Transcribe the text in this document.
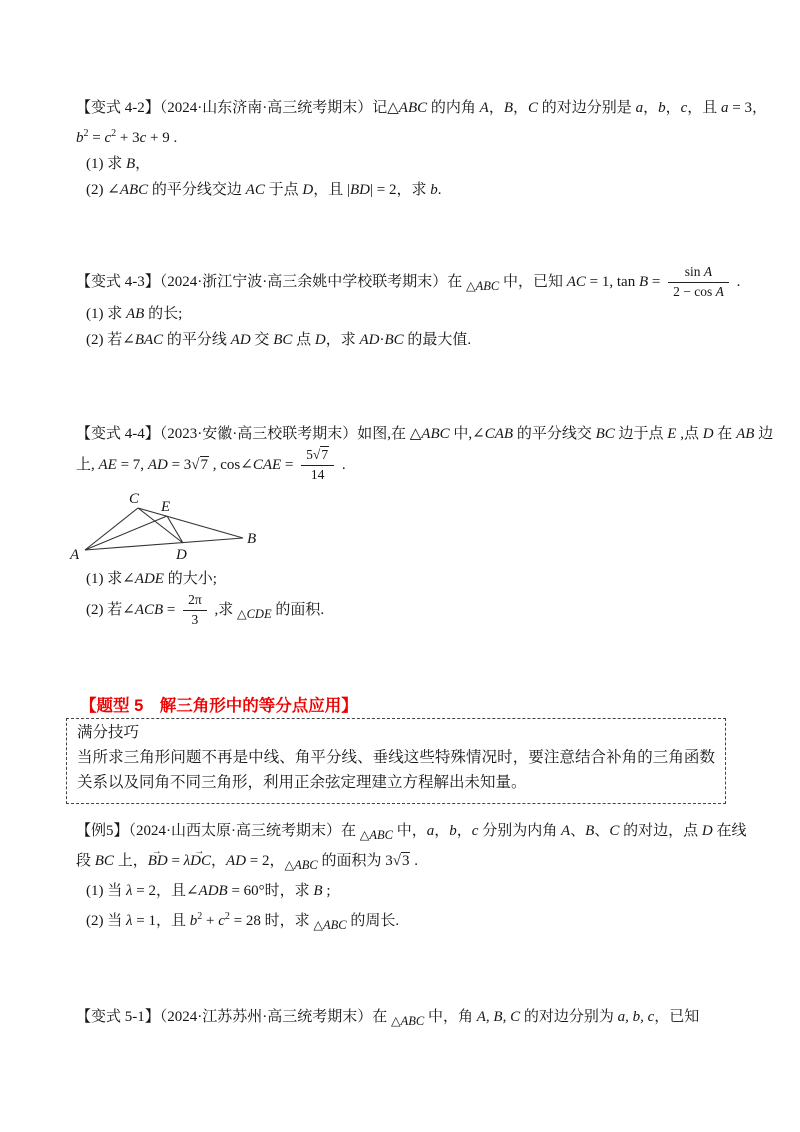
【变式 4-2】（2024·山东济南·高三统考期末）记△ABC 的内角 A，B，C 的对边分别是 a，b，c，且 a = 3，
$b^2 = c^2 + 3c + 9$ .
(1) 求 B，
(2) ∠ABC 的平分线交边 AC 于点 D，且 |BD| = 2，求 b.
【变式 4-3】（2024·浙江宁波·高三余姚中学校联考期末）在 $_{\triangle ABC}$ 中，已知 AC = 1, $\tan B = \frac{\text{sin A}}{\text{2 − cos A}}$ .
(1) 求 AB 的长;
(2) 若∠BAC 的平分线 AD 交 BC 点 D，求 AD·BC 的最大值.
【变式 4-4】（2023·安徽·高三校联考期末）如图,在 △ABC 中,∠CAB 的平分线交 BC 边于点 E ,点 D 在 AB 边
上, AE = 7, AD = 3√7 , cos∠CAE = $\frac{5√7}{14}$ .
A
B
C
D
E
(1) 求∠ADE 的大小;
(2) 若∠ACB = $\frac{2\pi}{3}$ ,求 $_{\triangle CDE}$ 的面积.
【题型 5　解三角形中的等分点应用】
满分技巧
当所求三角形问题不再是中线、角平分线、垂线这些特殊情况时，要注意结合补角的三角函数关系以及同角不同三角形，利用正余弦定理建立方程解出未知量。
【例5】（2024·山西太原·高三统考期末）在 $_{\triangle ABC}$ 中，a，b，c 分别为内角 A、B、C 的对边，点 D 在线
段 BC 上，BD → = λDC →，AD = 2，$_{\triangle ABC}$ 的面积为 3√3 .
(1) 当 λ = 2，且∠ADB = 60°时，求 B ;
(2) 当 λ = 1，且 $b^2 + c^2 = 28$ 时，求 $_{\triangle ABC}$ 的周长.
【变式 5-1】（2024·江苏苏州·高三统考期末）在 $_{\triangle ABC}$ 中，角 A, B, C 的对边分别为 a, b, c，已知
